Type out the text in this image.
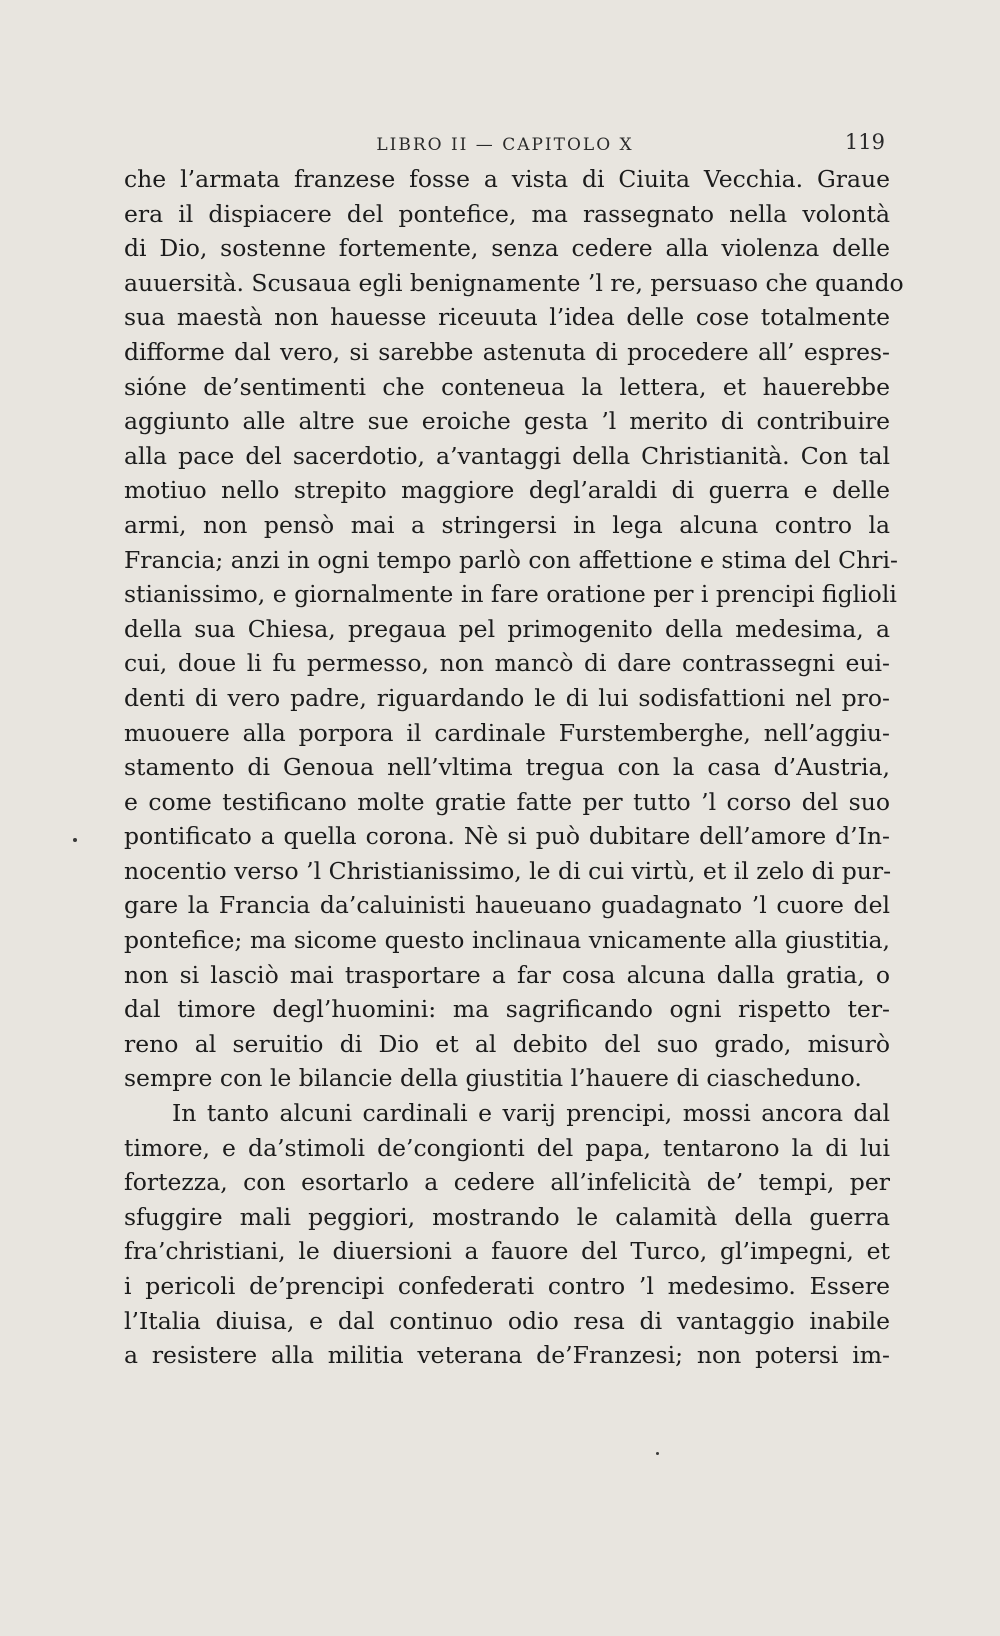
LIBRO II — CAPITOLO X	119
che l’armata franzese fosse a vista di Ciuita Vecchia. Graue
era il dispiacere del pontefice, ma rassegnato nella volontà
di Dio, sostenne fortemente, senza cedere alla violenza delle
auuersità. Scusaua egli benignamente ’l re, persuaso che quando
sua maestà non hauesse riceuuta l’idea delle cose totalmente
difforme dal vero, si sarebbe astenuta di procedere all’ espres-
sióne de’sentimenti che conteneua la lettera, et hauerebbe
aggiunto alle altre sue eroiche gesta ’l merito di contribuire
alla pace del sacerdotio, a’vantaggi della Christianità. Con tal
motiuo nello strepito maggiore degl’araldi di guerra e delle
armi, non pensò mai a stringersi in lega alcuna contro la
Francia; anzi in ogni tempo parlò con affettione e stima del Chri-
stianissimo, e giornalmente in fare oratione per i prencipi figlioli
della sua Chiesa, pregaua pel primogenito della medesima, a
cui, doue li fu permesso, non mancò di dare contrassegni eui-
denti di vero padre, riguardando le di lui sodisfattioni nel pro-
muouere alla porpora il cardinale Furstemberghe, nell’aggiu-
stamento di Genoua nell’vltima tregua con la casa d’Austria,
e come testificano molte gratie fatte per tutto ’l corso del suo
pontificato a quella corona. Nè si può dubitare dell’amore d’In-
nocentio verso ’l Christianissimo, le di cui virtù, et il zelo di pur-
gare la Francia da’caluinisti haueuano guadagnato ’l cuore del
pontefice; ma sicome questo inclinaua vnicamente alla giustitia,
non si lasciò mai trasportare a far cosa alcuna dalla gratia, o
dal timore degl’huomini: ma sagrificando ogni rispetto ter-
reno al seruitio di Dio et al debito del suo grado, misurò
sempre con le bilancie della giustitia l’hauere di ciascheduno.
In tanto alcuni cardinali e varij prencipi, mossi ancora dal
timore, e da’stimoli de’congionti del papa, tentarono la di lui
fortezza, con esortarlo a cedere all’infelicità de’ tempi, per
sfuggire mali peggiori, mostrando le calamità della guerra
fra’christiani, le diuersioni a fauore del Turco, gl’impegni, et
i pericoli de’prencipi confederati contro ’l medesimo. Essere
l’Italia diuisa, e dal continuo odio resa di vantaggio inabile
a resistere alla militia veterana de’Franzesi; non potersi im-
